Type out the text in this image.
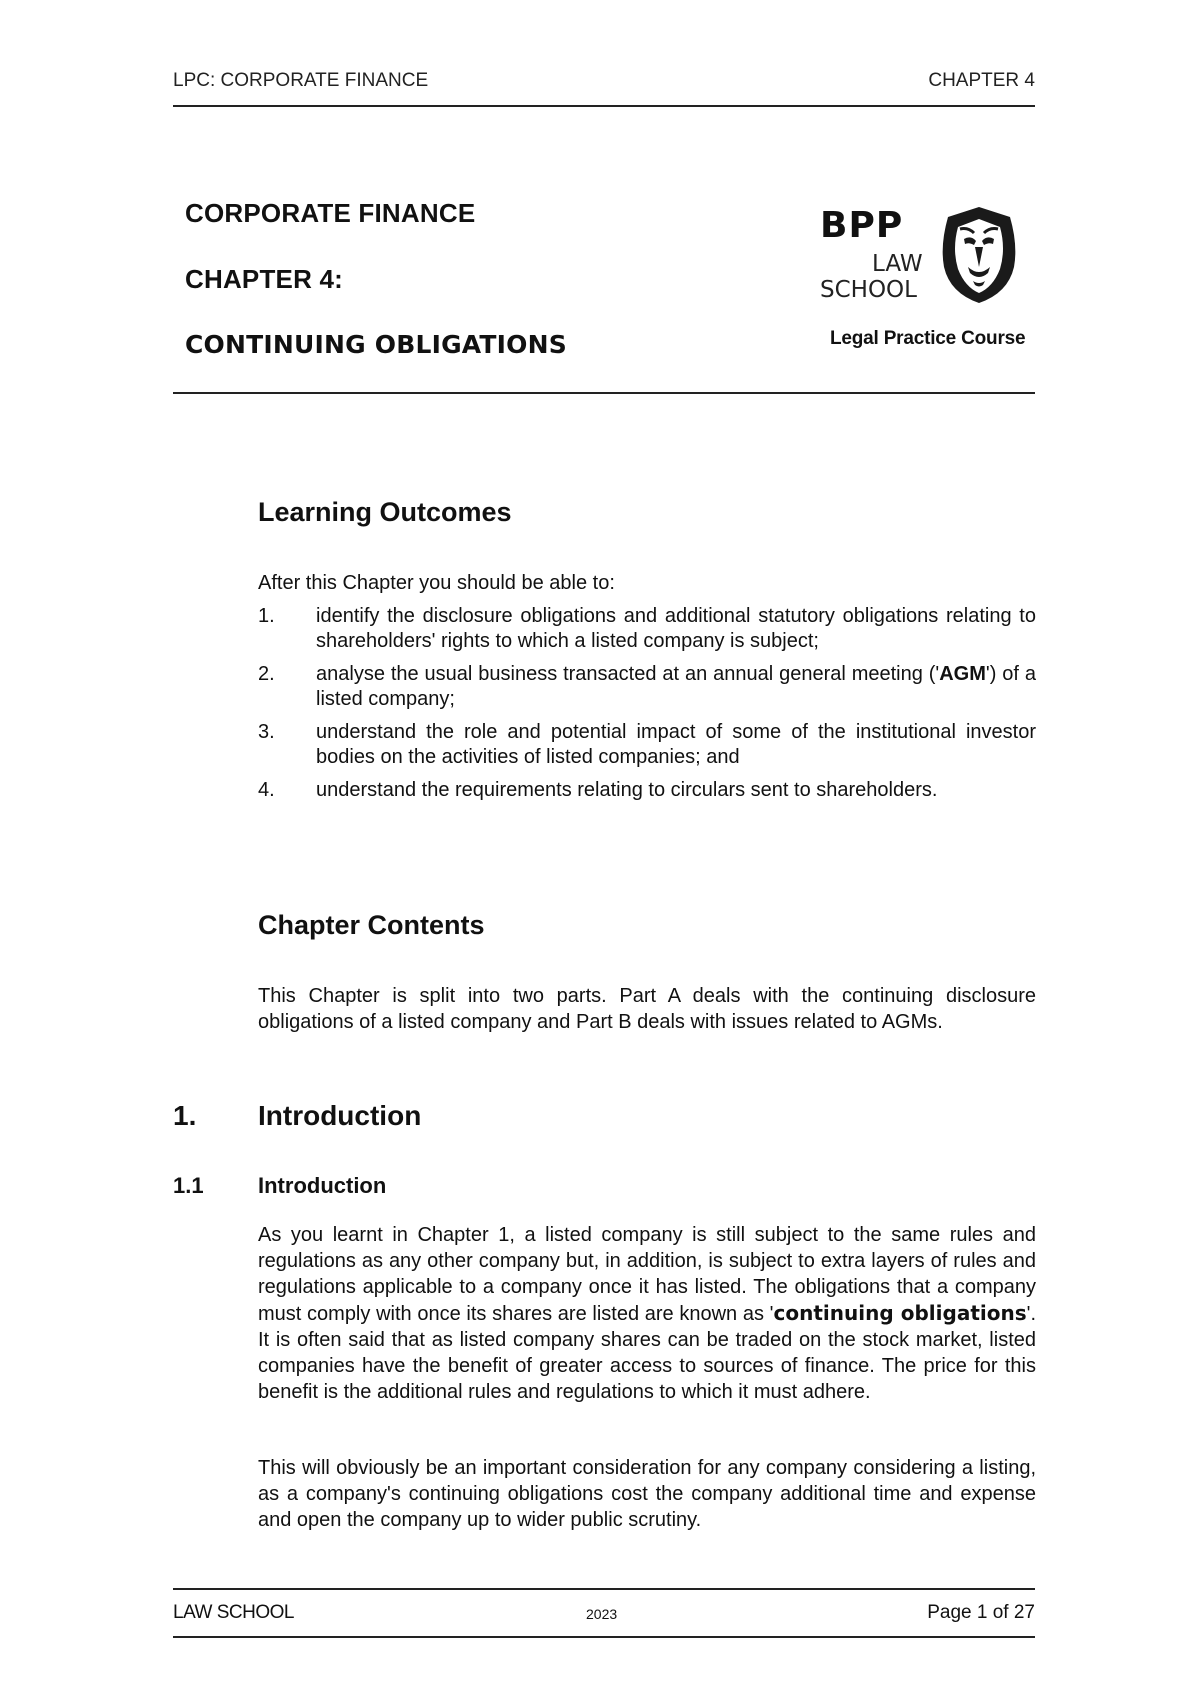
LPC: CORPORATE FINANCE	CHAPTER 4
CORPORATE FINANCE
CHAPTER 4:
CONTINUING OBLIGATIONS
BPP
LAW
SCHOOL
Legal Practice Course
Learning Outcomes
After this Chapter you should be able to:
1.	identify the disclosure obligations and additional statutory obligations relating to shareholders' rights to which a listed company is subject;
2.	analyse the usual business transacted at an annual general meeting ('AGM') of a listed company;
3.	understand the role and potential impact of some of the institutional investor bodies on the activities of listed companies; and
4.	understand the requirements relating to circulars sent to shareholders.
Chapter Contents
This Chapter is split into two parts. Part A deals with the continuing disclosure obligations of a listed company and Part B deals with issues related to AGMs.
1. Introduction
1.1 Introduction
As you learnt in Chapter 1, a listed company is still subject to the same rules and regulations as any other company but, in addition, is subject to extra layers of rules and regulations applicable to a company once it has listed. The obligations that a company must comply with once its shares are listed are known as 'continuing obligations'. It is often said that as listed company shares can be traded on the stock market, listed companies have the benefit of greater access to sources of finance. The price for this benefit is the additional rules and regulations to which it must adhere.
This will obviously be an important consideration for any company considering a listing, as a company's continuing obligations cost the company additional time and expense and open the company up to wider public scrutiny.
LAW SCHOOL	2023	Page 1 of 27
